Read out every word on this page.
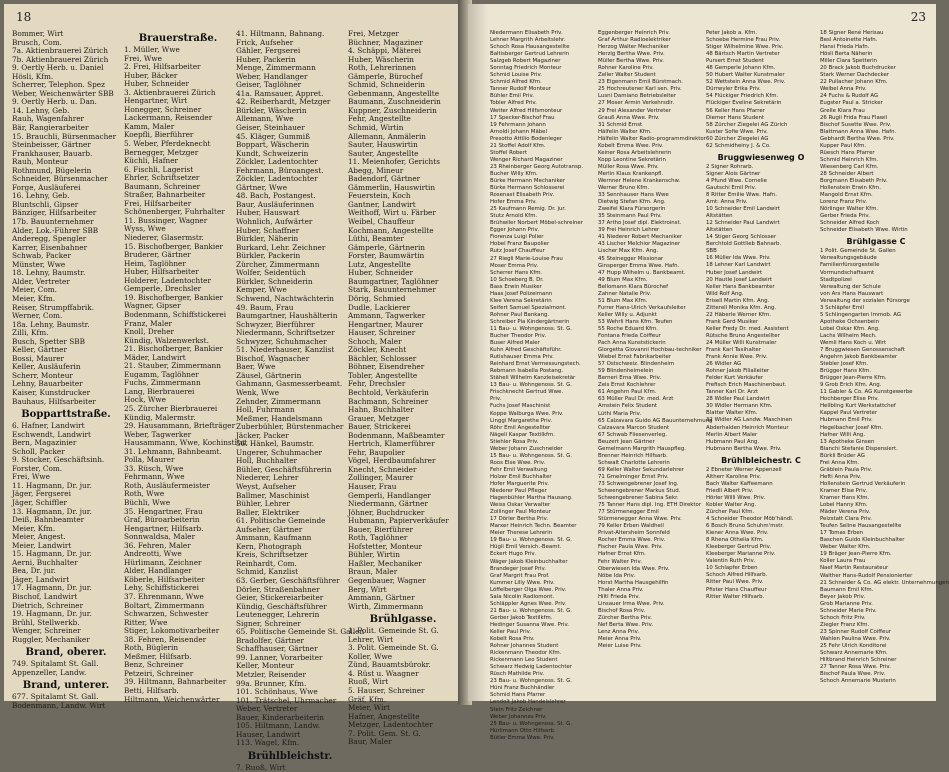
18
Bommer, Wirt
Brusch, Com.
7a. Aktienbrauerei Zürich
7b. Aktienbrauerei Zürich
9. Oertly Herb. u. Daniel
Hösli, Kfm.
Scherrer, Telephon. Spez
Weber, Weichenwärter SBB
9. Oertly Herb. u. Dan.
14. Lehny, Geb.
Rauh, Wagenfahrer
Bär, Rangierarbeiter
15. Brauchli, Bürsenmacher
Steinbeisser, Gärtner
Frankhauser, Bauarb.
Rauh, Monteur
Rothmund, Bügelerin
Schneider, Bürsenmacher
Forge, Ausläuferei
16. Lehny, Geb.
Bluntschli, Gipser
Bänziger, Hilfsarbeiter
17b. Bauunternehmer
Alder, Lok.-Führer SBB
Anderegg, Spengler
Karrer, Eisenbahner
Schwab, Packer
Münster, Wwe
18. Lehny, Baumstr.
Alder, Vertreter
Meier, Com.
Meier, Kfm.
Reiser, Strumpffabrik.
Werner, Com.
18a. Lehny, Baumstr.
Zilli, Kfm.
Busch, Spetter SBB
Keller, Gärtner
Bossi, Maurer
Keller, Ausläuferin
Scherr, Monteur
Lehny, Bauarbeiter
Kaiser, Kunstdrucker
Bauhaus, Hilfsarbeiter
Bopparttstraße.
6. Hafner, Landwirt
Eschwendt, Landwirt
Bern, Magazinier
Scholl, Packer
9. Stocker, Geschäftsinh.
Forster, Com.
Frei, Wwe
11. Hagmann, Dr. jur.
Jäger, Fergserei
Jäger, Schiffler
13. Hagmann, Dr. jur.
Deiß, Bahnbeamter
Meier, Kfm.
Meier, Angest.
Meier, Landwirt
15. Hagmann, Dr. jur.
Aerni, Buchhalter
Bea, Dr. jur.
Jäger, Landwirt
17. Hagmann, Dr. jur.
Bischof, Landwirt
Dietrich, Schreiner
19. Hagmann, Dr. jur.
Brühl, Stellwerkb.
Wenger, Schreiner
Ruggler, Mechaniker
Brand, oberer.
749. Spitalamt St. Gall.
Appenzeller, Landw.
Brand, unterer.
677. Spitalamt St. Gall.
Bodenmann, Landw. Wirt
Brauerstraße.
1. Müller, Wwe
Frei, Wwe
2. Frei, Hilfsarbeiter
Huber, Bäcker
Huber, Schneider
3. Aktienbrauerei Zürich
Hengartner, Wirt
Honegger, Schreiner
Lackermann, Reisender
Kamm, Maler
Koepfli, Bierführer
5. Weber, Pferdeknecht
Bernegger, Metzger
Küchli, Hafner
6. Fischli, Lagerist
Ehrler, Schriftsetzer
Baumann, Schreiner
Straßer, Bahnarbeiter
Frei, Hilfsarbeiter
Schönenberger, Fuhrhalter
11. Bussinger, Wagner
Wyss, Wwe
Niederer, Glasermstr.
15. Bischofberger, Bankier
Bruderer, Gärtner
Heim, Taglöhner
Huber, Hilfsarbeiter
Holderer, Ladentochter
Gemperle, Drechsler
19. Bischofberger, Bankier
Wagner, Gipser
Bodenmann, Schiffstickerei
Franz, Maler
Knoll, Dreher
Kündig, Walzenwerkst.
21. Bischofberger, Bankier
Mäder, Landwirt
21. Stauber, Zimmermann
Eugamm, Taglöhner
Fuchs, Zimmermann
Lang, Bierbrauerei
Hock, Wwe
25. Zürcher Bierbrauerei
Kündig, Malermstr.
29. Hausammann, Briefträger
Weber, Tagwerker
Hausammann, Wwe, Kochinstitut
31. Lehmann, Bahnbeamt.
Polla, Maurer
33. Rüsch, Wwe
Fehrmann, Wwe
Roth, Ausläufermeister
Roth, Wwe
Büchli, Wwe
35. Hengartner, Frau
Graf, Büroarbeiterin
Hengartner, Hilfsarb.
Sonnwaldsa, Maler
36. Fehren, Maler
Andreotti, Wwe
Hürlimann, Zeichner
Alder, Handlanger
Köberle, Hilfsarbeiter
Lehy, Schiffstickerei
37. Ehrenmann, Wwe
Boltart, Zimmermann
Schwarzen, Schwester
Ritter, Wwe
Stiger, Lokomotivarbeiter
38. Fehren, Reisender
Roth, Büglerin
Meßmer, Hilfsarb.
Benz, Schreiner
Petzeiri, Schreiner
39. Hiltmann, Bahnarbeiter
Betti, Hilfsarb.
Hiltmann, Weichenwärter
41. Hiltmann, Bahnang.
Frick, Aufseher
Gähler, Fergserei
Huber, Packerin
Menge, Zimmermann
Weber, Handlanger
Geiser, Taglöhner
41a. Ramsauer, Appret.
42. Reiberhardt, Metzger
Bürkler, Wäscherin
Allemann, Wwe
Geiser, Steinhauer
45. Kläger, Gummiß
Boppart, Wäscherin
Kundt, Schweizerin
Zöckler, Ladentochter
Fehrmann, Büroangest.
Zöckler, Ladentochter
Gärtner, Wwe
48. Bach, Postangest.
Baur, Ausläuferinnen
Huber, Hauswart
Wohnlich, Aufwärter
Huber, Schaffner
Bürkler, Näherin
Burkard, Lehr. Zeichner
Bürkler, Packerin
Zürcher, Zimmermann
Wolfer, Seidentüch
Bürkler, Schneiderin
Kemper, Wwe
Schwend, Nachtwächterin
49. Baum, Frau
Baumgartner, Haushälterin
Schwyzer, Bierführer
Niedermann, Schriftsetzer
Schwyzer, Schuhmacher
51. Niederhauser, Kanzlist
Bischof, Wagnacher
Baer, Wwe
Zäusel, Gärtnerin
Gahmann, Gasmesserbeamt.
Wenk, Wwe
Zehnder, Zimmermann
Holl, Fuhrmann
Meßmer, Handelsmann
Zuberbühler, Bürstenmacher
Jäcker, Packer
56. Hänkel, Baumstr.
Ungerer, Schuhmacher
Holl, Buchhalter
Bühler, Geschäftsführerin
Niederer, Lehrer
Weyst, Aufseher
Ballmer, Maschinist
Bühler, Lehrer
Baller, Elektriker
61. Politische Gemeinde
Aufseher, Gärtner
Ammann, Kaufmann
Kern, Photograph
Kreis, Schriftsetzer
Reinhardt, Com.
Schmid, Kanzlist
63. Gerber, Geschäftsführer
Dörler, Straßenbahner
Geier, Stickereiarbeiter
Kündig, Geschäftsführer
Leutenegger, Lehrerin
Signer, Schreiner
65. Politische Gemeinde St. Gallen
Bradolfer, Gärtner
Schaffhauser, Gärtner
99. Lanner, Vorarbeiter
Keller, Monteur
Metzler, Reisender
99a. Brunner, Kfm.
101. Schönhaus, Wwe
101. Trätschel, Uhrmacher
Weber, Vertreter
Bauer, Kinderarbeiterin
105. Hiltmann, Landw.
Hauser, Landwirt
113. Wagel, Kfm.
Brühlbleichstr.
7. Ruoß, Wirt
Frei, Metzger
Büchner, Magaziner
4. Schäppi, Mäterei
Huber, Wäscherin
Roth, Lehrerinnen
Gämperle, Bürochef
Schmid, Schneiderin
Gebenmann, Angestellte
Baumann, Zuschneiderin
Kuppner, Zuschneiderin
Fehr, Angestellte
Schmid, Wirtin
Allemann, Anmälerin
Sauter, Hauswirtin
Sauter, Angestellte
11. Meienhofer, Gerichts
Abegg, Mineur
Badendorf, Gärtner
Gämmerlin, Hauswirtin
Feuerstein, Koch
Gantner, Landwirt
Weithoff, Wirt u. Färber
Weibel, Chauffeur
Kochmann, Angestellte
Lüthi, Beamter
Gämperle, Gärtnerin
Forster, Baumwärtin
Lutz, Angestellte
Huber, Schneider
Baumgartner, Taglöhner
Stark, Bauunternehmer
Dörig, Schmied
Dudle, Lackierer
Ammann, Tagwerker
Hengartner, Maurer
Hauser, Schreiner
Schoch, Maler
Zöckler, Knecht
Bächler, Schlosser
Böhner, Eisendreher
Tobler, Angestellte
Fehr, Drechsler
Bechtold, Verkäuferin
Bachmann, Schreiner
Hahn, Buchhalter
Grauer, Metzger
Bauer, Strickerei
Bodenmann, Maßbeamter
Hertrich, Klamerführer
Fehr, Baupolier
Vögel, Herdbaumfahrer
Knecht, Schneider
Zollinger, Maurer
Hauser, Frau
Gemperli, Handlanger
Niedermann, Gärtner
Jöhner, Buchdrucker
Hubmann, Papierverkäufer
Bauer, Bierführer
Roth, Taglöhner
Hofstetter, Monteur
Bühler, Wirtin
Haßler, Mechaniker
Braun, Maler
Gegenbauer, Wagner
Berg, Wirt
Ammann, Gärtner
Wirth, Zimmermann
Brühlgasse.
1. Polit. Gemeinde St. G.
Lehrer, Wirt
3. Polit. Gemeinde St. G.
Koller, Wwe
Zünd, Bauamtsbürokr.
4. Rüst u. Waagner
Ruoß, Wirt
5. Hauser, Schreiner
Gräf, Kfm.
Meier, Wirt
Hafner, Angestellte
Metzger, Ladentochter
7. Polit. Gem. St. G.
Baur, Maler
23
Niedermann Elisabeth Priv.
Lehner Margrith Arbeitslehr.
Schoch Rosa Hausangestellte
Baltisberger Gertrud Lehrerin
Salzgeb Robert Magaziner
Sonntag Friedrich Monteur
Schmid Louise Priv.
Schmid Alfred Kfm.
Tanner Rudolf Monteur
Bühler Emil Priv.
Tobler Alfred Priv.
Wetter Alfred Hilfsmonteur
17 Specker-Bischof Frau
19 Fehrmann Johann
Arnoldi Johann Mäbel
Presotto Attilio Bodenleger
21 Stoffel Adolf Kfm.
Stoffel Robert
Wenger Richard Magaziner
23 Rheinberger Georg Autotransp.
Bucher Willy Kfm.
Bürke Hermann Mechaniker
Bürke Hermann Schlosserei
Rosenast Elisabeth Priv.
Hofer Emma Priv.
25 Kaufmann Remig. Dr. jur.
Stutz Arnold Kfm.
Brühwiler Norbert Möbel-schreiner
Egger Johann Priv.
Fiorenza Luigi Polier
Hobel Franz Baupolier
Rutz Josef Chauffeur
27 Riegli Marie-Louise Frau
Moser Emma Priv.
Scherrer Hans Kfm.
10 Schoeberg B. Dr.
Bass Erwin Musiker
Haas Josef Polizeimann
Klee Verena Sekretärin
Seifert Samuel Spezialmont.
Rohner Paul Bankang.
Schreiber Pia Kindergärtnerin
11 Bau- u. Wohngenoss. St. G.
Bucher Theodor Priv.
Buser Alfred Maler
Kuhn Alfred Geschäftsführ.
Rutishauser Emma Priv.
Reinhard Ernst Vermessungstech.
Rebmann Isabella Postang.
Stäheli Wilhelm Kanzleisekretär
13 Bau- u. Wohngenoss. St. G.
Frischknecht Gertrud Wwe.
Priv.
Fuchs Josef Maschinist
Koppe Walburga Wwe. Priv.
Linggi Margarethe Priv.
Röhr Emil Angestellter
Nägeli Kaspar Textilkfm.
Stiehler Rosa Priv.
Weber Johann Zuschneider
15 Bau- u. Wohngenoss. St. G.
Roos Else Wwe. Priv.
Fehr Emil Verwaltung
Holzer Emil Buchhalter
Hofer Marguerite Priv.
Niederer Paul Pfleger
Hagenbühler Martha Hausang.
Weiss Oskar Verwalter
Zollinger Paul Monteur
17 Dörler Bertha Priv.
Marxer Heinrich Techn. Beamter
Meier Therese Lehrerin
19 Bau- u. Wohngenoss. St. G.
Hügli Emil Versich.-Beamt.
Eckert Hugo Priv.
Wäger Jakob Kleinbuchhalter
Brandeger Josef Priv.
Graf Margrit Frau Prof.
Kummer Lilly Wwe. Priv.
Löffelberger Olga Wwe. Priv.
Sala Nicolin Radiomont.
Schläppler Agnes Wwe. Priv.
21 Bau- u. Wohngenoss. St. G.
Gerber Jakob Textilkfm.
Hedinger Susanna Wwe. Priv.
Keller Paul Priv.
Kobelt Rosa Priv.
Rohner Johannes Student
Rickenmann Theodor Kfm.
Rickenmann Leo Student
Schwarz Hedwig Ladentochter
Rüsch Mathilde Priv.
23 Bau- u. Wohngenoss. St. G.
Hüni Franz Buchhändler
Schmid Hans Pfarrer
Lendolt Jakob Handelslehrer
Stein Fritz Zeichner
Weber Johannes Priv.
25 Bau- u. Wohngenoss. St. G.
Hürlimann Otto Hilfsarb.
Bütler Emma Wwe. Priv.
Eggenberger Heinrich Priv.
Graf Arthur Radioelektriker
Herzog Walter Mechaniker
Herzig Bertha Wwe. Priv.
Müller Bertha Wwe. Priv.
Rohner Karoline Priv.
Zeller Walter Student
23 Eigenmann Emil Bürstmach.
25 Hochreutener Karl sen. Priv.
Lusni Damiano Betriebsleiter
27 Moser Armin Verkehrsdir.
29 Frei Alexander Vertreter
Grauß Anna Wwe. Priv.
31 Schmid Ernst
Hälfelin Walter Kfm.
Hälfelin Walter Radio-programmdirektor
Kobelt Emma Wwe. Priv.
Keiner Rosa Arbeitslehrerin
Kopp Leontine Sekretärin
Müller Rosa Wwe. Priv.
Merlin Klaus Krankenpfl.
Wernner Helene Krankenschw.
Werner Bruno Kfm.
33 Sennhauser Hans Wwe
Dietwig Stefan Kfm. Ang.
Zweifel Klara Fürsorgerin
35 Steinmann Paul Priv.
37 Artho Josef dipl. Elektroinst.
39 Frei Heinrich Lehrer
41 Niederer Robert Mechaniker
43 Lischer Melchior Magaziner
Lischer Max Kfm. Ang.
45 Steinegger Missionar
Ginsperger Emma Wwe. Hafn.
47 Hupp Wilhelm u. Bankbeamt.
49 Blum Max Kfm.
Bellomann Klara Bürochef
Zahner Natalie Priv.
51 Blum Max Kfm.
Furrer Hans-Ulrich Verkaufsleiter
Keller Willy u. Adjunkt
53 Wehrli Hans Kfm. Teufen
55 Roche Eduard Kfm.
Fontana Frieda Coiffeur
Pach Anna Kunststickerin
Glorgetta Giovanni Hochbau-techniker
Wiebel Ernst Fabrikarbeiter
57 Ostschweiz. Blindenheim
59 Blindenheimelein
Berneri Erna Wwe. Priv.
Zeis Ernst Kochlehrer
61 Angehrn Paul Kfm.
63 Müller Paul Dr. med. Arzt
Amstein Felix Student
Lüthi Maria Priv.
65 Calzavara Guido AG Bauunternehmung
Calzavara Marcon Student
67 Schwab Fliesenverleg.
Beuzert Jean Gärtner
Gemelmann Margrith Hauspfleg.
Brenner Heinrich Hilfsarb.
Schwalt Charlotte Lehrerin
69 Keller Walter Sekundarlehrer
71 Gmelminger Ernst Priv.
73 Schwengebrener Josef Ing.
Schwengebrener Markus Stud.
Schwengebrener Sabina Sekr.
75 Tanner Hans dipl. Ing. ETH Direktor
77 Stürmenegger Emil
Stürmenegger Anna Wwe. Priv.
79 Keller Erben Waldheil
Privat-Altersheim Sonnfeld
Rocher Emma Wwe. Priv.
Fischer Paula Wwe. Priv.
Hafner Ernst Kfm.
Fehr Walter Priv.
Oberwiesen Ida Wwe. Priv.
Nöbe Ida Priv.
Horst Martha Hausgehilfin
Thaler Anna Priv.
Hiltl Frieda Priv.
Linsauer Irma Wwe. Priv.
Bischof Rosa Priv.
Zürcher Bertha Priv.
Nef Berta Wwe. Priv.
Lenz Anna Priv.
Meier Anna Priv.
Meier Luise Priv.
Peter Jakob a. Kfm.
Schoebe Hermine Frau Priv.
Stiger Wilhelmine Wwe. Priv.
48 Bärtsch Martin Vertreter
Pursert Ernst Student
48 Gemperle Johann Kfm.
50 Hubert Walter Kunstmaler
52 Wettstein Anna Wwe. Priv.
Dürrwyler Erika Priv.
54 Flückiger Friedrich Kfm.
Flückiger Eveline Sekretärin
56 Keller Hans Pfarrer
Diemer Hans Student
58 Zürcher Ziegelei AG Zürich
Kuster Sofie Wwe. Priv.
60 Zürcher Ziegelei AG
62 Schmidheiny J. & Co.
Bruggwiesenweg O
2 Signer Rohrarb.
Signer Alois Gärtner
4 Pfund Wwe. Cornelie
Gautschi Emil Priv.
8 Ritter Emilie Wwe. Hafn.
Amt: Anna Priv.
10 Schneider Emil Landwirt
Altstätten
12 Schneider Paul Landwirt
Altstätten
14 Stiger Georg Schlosser
Berchtold Gottlieb Bahnarb.
SBB
16 Müller Ida Wwe. Priv.
18 Lehner Karl Landwirt
Huber Josef Landwirt
20 Hautle Josef Landwirt
Keller Hans Bankbeamter
Wild Rolf Ang.
Erisell Martin Kfm. Ang.
Zitterell Monika Kfm. Ang.
22 Häberle Werner Kfm.
Frank Gerd Musiker
Keller Fredy Dr. med. Assistent
Rütsche Bruno Angestellter
24 Müller Willi Kunstmaler
Frank Karl Taxihalter
Frank Annie Wwe. Priv.
26 Widler AG
Rohner Jakob Filialleiter
Felder Kurt Verkäufer
Frefisch Erich Maschinenbaut.
Tanner Karl Dr. Arzt
28 Widler Paul Landwirt
30 Widler Hermann Kfm.
Blatter Walter Kfm.
32 Widler AG Landw. Maschinen
Abderhalden Heinrich Monteur
Merlin Albert Maler
Hubmann Paul Ang.
Hubmann Bertha Wwe. Priv.
Brühlbleichestr. C
2 Ebneter Werner Appenzell
Altherr Karoline Priv.
Bach Walter Kaffeemann
Friedli Albert Priv.
Hörler Willi Wwe. Priv.
Kobler Walter Ang.
Zürcher Paul Kfm.
4 Schneider Theodor Möb'händl.
6 Bosch Bruno Schuhm'mstr.
Kiener Anna Wwe. Priv.
8 Rhena Othelia Kfm.
Kleeberger Gertrud Priv.
Kleeberger Marianne Priv.
Valentin Ruth Priv.
10 Schlapfer Erben
Schoch Alfred Hilfsarb.
Ritter Paul Wwe. Priv.
Pfister Hans Chauffeur
Ritter Walter Hilfsarb.
18 Signer René Herisau
Besl Antoinette Hafn.
Hansi Frieda Hafn.
Hösli Berta Näherin
Miller Clara Spetterin
20 Brack Jakob Buchdrucker
Stark Werner Dachdecker
22 Pullacher Johann Kfm.
Weibel Anna Priv.
24 Fuchs & Rudolf AG
Eugster Paul a. Stricker
Grelle Klara Frau
26 Rugli Frida Frau Flawil
Bischof Susette Wwe. Priv.
Blattmann Anna Wwe. Hafn.
Gebhardt Bertha Wwe. Priv.
Kupper Paul Kfm.
Rüesch Hans Pfarrer
Schmid Heinrich Kfm.
Wiesenberg Carl Kfm.
28 Schneider Albert
Borgmann Elisabeth Priv.
Hollenstein Erwin Kfm.
Mangold Ernst Kfm.
Lorenz Franz Priv.
Nörlinger Walter Kfm.
Gerber Frieda Priv.
Schneider Alfred Koch
Schneider Elisabeth Wwe. Wirtin
Brühlgasse C
1 Polit. Gemeinde St. Gallen
Verwaltungsgebäude
Familienfürsorgestelle
Vormundschaftsamt
Stadtpolizei
Verwaltung der Schule
von Arx Hans Hauswart
Verwaltung der sozialen Fürsorge
3 Schläpfer Emil
5 Schlingengarten Immob. AG
Apotheke Ochsenbein
Lobel Oskar Kfm. Ang.
Lachs Wilhelm Mech.
Wemli Hans Koch u. Wirt
7 Bruggwiesen Genossenschaft
Angehrn Jakob Bankbeamter
Stebler Josef Kfm.
Brügger Hans Kfm.
Brügger Jean-Pierre Kfm.
9 Grob Erich Kfm. Ang.
11 Gabler & Co. AG Kunstgewerbe
Hochberger Elise Priv.
Hellbling Kurt Werkstattchef
Kappel Paul Vertreter
Hubmann Emil Priv.
Hegelbacher Josef Kfm.
Hafner Willi Ang.
13 Apotheke Ginsen
Blanchi Stefanie Dispensiert.
Bürkli Brüder AG
Frei Anna Kfm.
Gräblein Paula Priv.
Hefti Anna Priv.
Hollenstein Gertrud Verkäuferin
Kramer Elise Priv.
Kramer Hans Kfm.
Lobel Hanny Kfm.
Mäder Verena Priv.
Pelzstatt Clara Priv.
Teufen Seline Hausangestellte
17 Tomas Erben
Baschen Guido Kleinbuchhalter
Weber Walter Kfm.
19 Bräger Jean-Pierre Kfm.
Koller Laura Frau
Naef Martin Restaurateur
Walther Hans-Rudolf Pensionierter
21 Schneider & Co. AG elektr. Unternehmungen
Baumann Emil Kfm.
Beyer Jakob Priv.
Grob Marianne Priv.
Schneider Marie Priv.
Schoch Fritz Priv.
Ziegler Franz Kfm.
23 Spinner Rudolf Coiffeur
Wahlen Paulina Wwe. Priv.
25 Fehr Ulrich Konditorei
Schwarz Annemarie Kfm.
Hiltbrand Heinrich Schreiner
27 Tanner Rosa Wwe. Priv.
Bischof Paula Wwe. Priv.
Schoch Annemarie Musterin
